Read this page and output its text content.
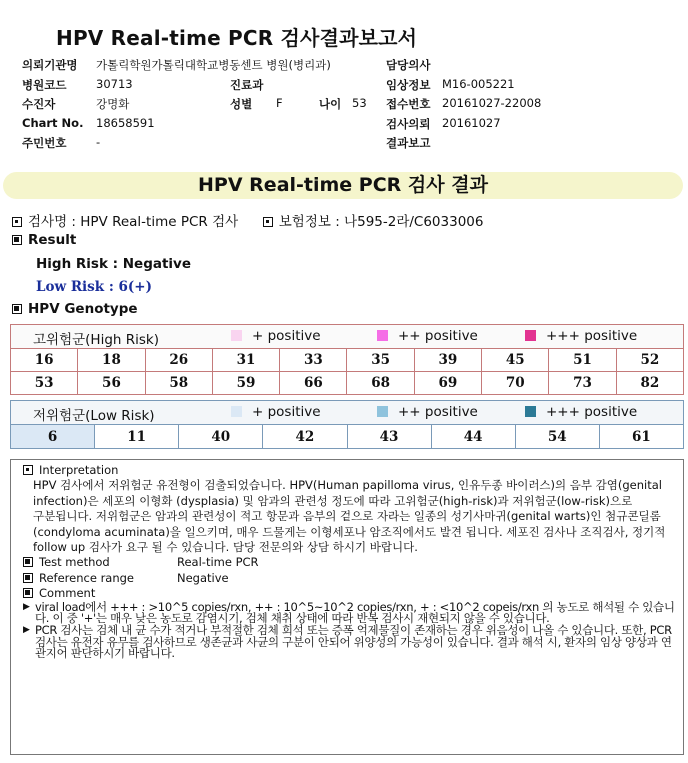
HPV Real-time PCR 검사결과보고서
의뢰기관명 가톨릭학원가톨릭대학교병동센트 병원(병리과)	담당의사
병원코드	30713	진료과	임상정보 M16-005221
수진자	강명화	성별 F	나이 53 접수번호 20161027-22008
Chart No. 18658591	검사의뢰 20161027
주민번호	-	결과보고
HPV Real-time PCR 검사 결과
검사명 : HPV Real-time PCR 검사	보험정보 : 나595-2라/C6033006
Result
High Risk : Negative
Low Risk : 6(+)
HPV Genotype
고위험군(High Risk)	+ positive	++ positive	+++ positive
16	18	26	31	33	35	39	45	51	52
53	56	58	59	66	68	69	70	73	82
저위험군(Low Risk)	+ positive	++ positive	+++ positive
6	11	40	42	43	44	54	61
Interpretation
HPV 검사에서 저위험군 유전형이 검출되었습니다. HPV(Human papilloma virus, 인유두종 바이러스)의 음부 감염(genital infection)은 세포의 이형화 (dysplasia) 및 암과의 관련성 정도에 따라 고위험군(high-risk)과 저위험군(low-risk)으로 구분됩니다. 저위험군은 암과의 관련성이 적고 항문과 음부의 겉으로 자라는 일종의 성기사마귀(genital warts)인 첨규콘딜롬(condyloma acuminata)을 일으키며, 매우 드물게는 이형세포나 암조직에서도 발견 됩니다. 세포진 검사나 조직검사, 정기적 follow up 검사가 요구 될 수 있습니다. 담당 전문의와 상담 하시기 바랍니다.
Test method	Real-time PCR
Reference range	Negative
Comment
▶ viral load에서 +++ : >10^5 copies/rxn, ++ : 10^5~10^2 copies/rxn, + : <10^2 copeis/rxn 의 농도로 해석될 수 있습니다. 이 중 '+'는 매우 낮은 농도로 감염시기, 검체 채취 상태에 따라 반복 검사시 재현되지 않을 수 있습니다.
▶ PCR 검사는 검체 내 균 수가 적거나 부적절한 검체 희석 또는 증폭 억제물질이 존재하는 경우 위음성이 나올 수 있습니다. 또한, PCR 검사는 유전자 유무를 검사하므로 생존균과 사균의 구분이 안되어 위양성의 가능성이 있습니다. 결과 해석 시, 환자의 임상 양상과 연관지어 판단하시기 바랍니다.
